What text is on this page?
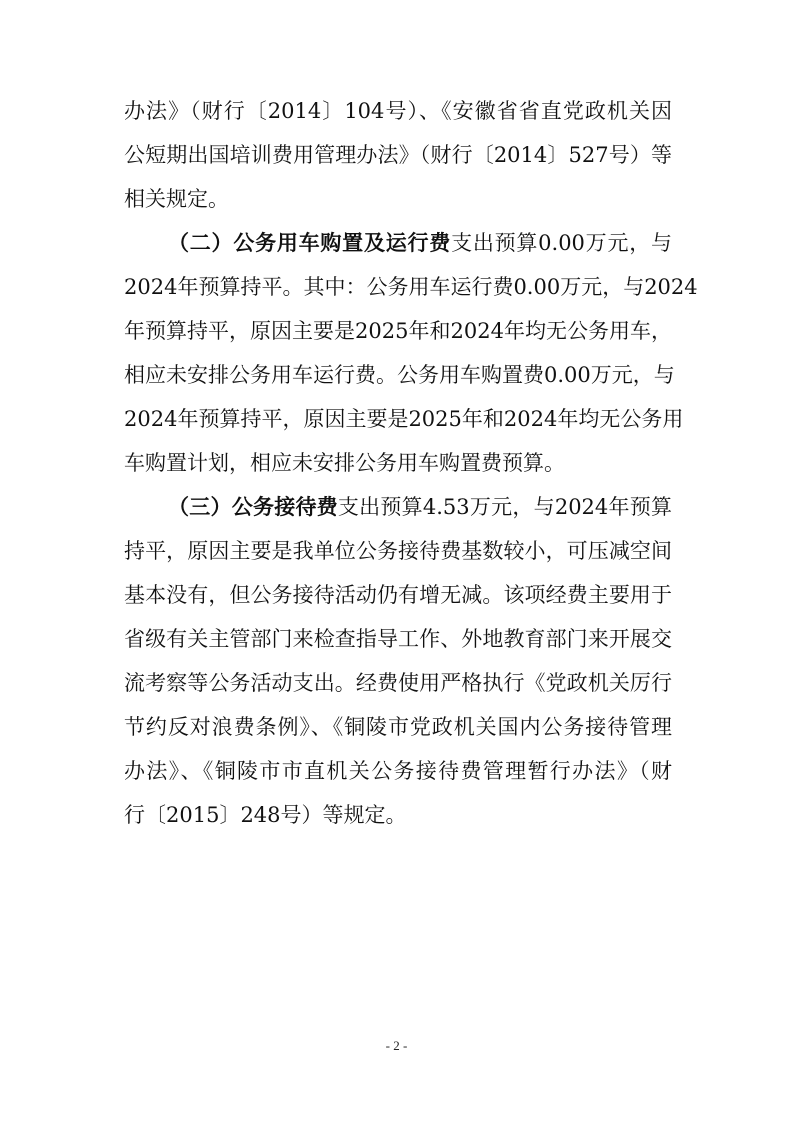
办法》（财行〔2014〕104号）、《安徽省省直党政机关因
公短期出国培训费用管理办法》（财行〔2014〕527号）等
相关规定。
（二）公务用车购置及运行费支出预算0.00万元，与
2024年预算持平。其中：公务用车运行费0.00万元，与2024
年预算持平，原因主要是2025年和2024年均无公务用车，
相应未安排公务用车运行费。公务用车购置费0.00万元，与
2024年预算持平，原因主要是2025年和2024年均无公务用
车购置计划，相应未安排公务用车购置费预算。
（三）公务接待费支出预算4.53万元，与2024年预算
持平，原因主要是我单位公务接待费基数较小，可压减空间
基本没有，但公务接待活动仍有增无减。该项经费主要用于
省级有关主管部门来检查指导工作、外地教育部门来开展交
流考察等公务活动支出。经费使用严格执行《党政机关厉行
节约反对浪费条例》、《铜陵市党政机关国内公务接待管理
办法》、《铜陵市市直机关公务接待费管理暂行办法》（财
行〔2015〕248号）等规定。
- 2 -
